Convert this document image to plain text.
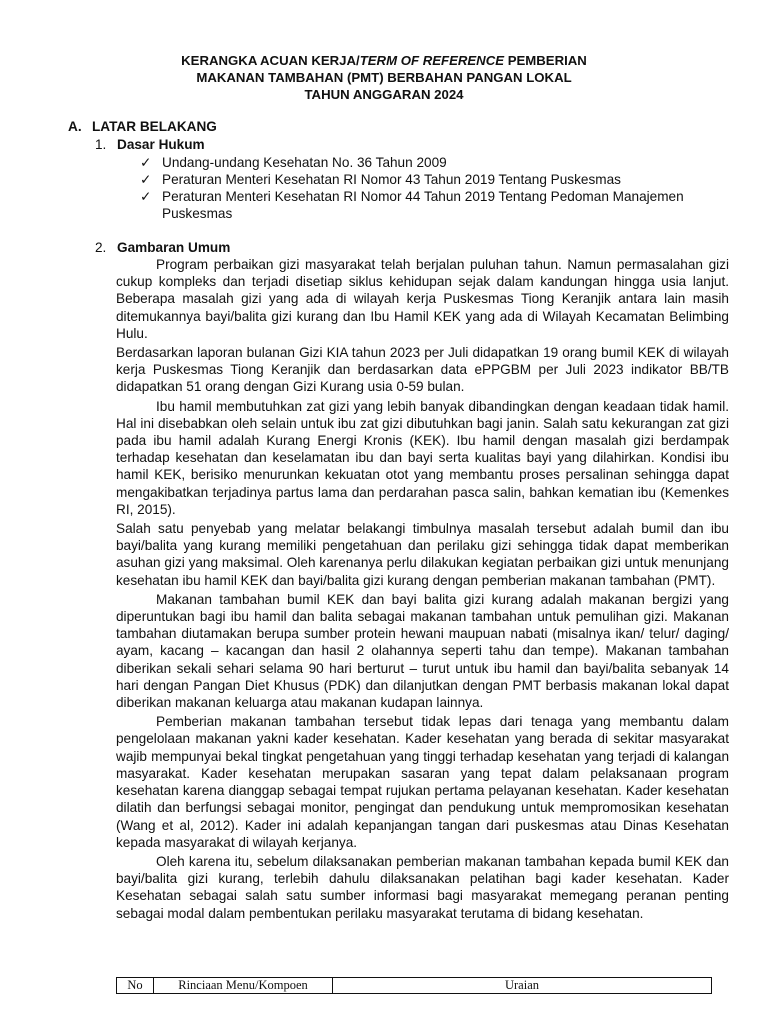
KERANGKA ACUAN KERJA/TERM OF REFERENCE PEMBERIAN
MAKANAN TAMBAHAN (PMT) BERBAHAN PANGAN LOKAL
TAHUN ANGGARAN 2024
A. LATAR BELAKANG
1. Dasar Hukum
✓ Undang-undang Kesehatan No. 36 Tahun 2009
✓ Peraturan Menteri Kesehatan RI Nomor 43 Tahun 2019 Tentang Puskesmas
✓ Peraturan Menteri Kesehatan RI Nomor 44 Tahun 2019 Tentang Pedoman Manajemen Puskesmas
2. Gambaran Umum

Program perbaikan gizi masyarakat telah berjalan puluhan tahun. Namun permasalahan gizi cukup kompleks dan terjadi disetiap siklus kehidupan sejak dalam kandungan hingga usia lanjut. Beberapa masalah gizi yang ada di wilayah kerja Puskesmas Tiong Keranjik antara lain masih ditemukannya bayi/balita gizi kurang dan Ibu Hamil KEK yang ada di Wilayah Kecamatan Belimbing Hulu.

Berdasarkan laporan bulanan Gizi KIA tahun 2023 per Juli didapatkan 19 orang bumil KEK di wilayah kerja Puskesmas Tiong Keranjik dan berdasarkan data ePPGBM per Juli 2023 indikator BB/TB didapatkan 51 orang dengan Gizi Kurang usia 0-59 bulan.

Ibu hamil membutuhkan zat gizi yang lebih banyak dibandingkan dengan keadaan tidak hamil. Hal ini disebabkan oleh selain untuk ibu zat gizi dibutuhkan bagi janin. Salah satu kekurangan zat gizi pada ibu hamil adalah Kurang Energi Kronis (KEK). Ibu hamil dengan masalah gizi berdampak terhadap kesehatan dan keselamatan ibu dan bayi serta kualitas bayi yang dilahirkan. Kondisi ibu hamil KEK, berisiko menurunkan kekuatan otot yang membantu proses persalinan sehingga dapat mengakibatkan terjadinya partus lama dan perdarahan pasca salin, bahkan kematian ibu (Kemenkes RI, 2015).

Salah satu penyebab yang melatar belakangi timbulnya masalah tersebut adalah bumil dan ibu bayi/balita yang kurang memiliki pengetahuan dan perilaku gizi sehingga tidak dapat memberikan asuhan gizi yang maksimal. Oleh karenanya perlu dilakukan kegiatan perbaikan gizi untuk menunjang kesehatan ibu hamil KEK dan bayi/balita gizi kurang dengan pemberian makanan tambahan (PMT).

Makanan tambahan bumil KEK dan bayi balita gizi kurang adalah makanan bergizi yang diperuntukan bagi ibu hamil dan balita sebagai makanan tambahan untuk pemulihan gizi. Makanan tambahan diutamakan berupa sumber protein hewani maupuan nabati (misalnya ikan/ telur/ daging/ ayam, kacang – kacangan dan hasil 2 olahannya seperti tahu dan tempe). Makanan tambahan diberikan sekali sehari selama 90 hari berturut – turut untuk ibu hamil dan bayi/balita sebanyak 14 hari dengan Pangan Diet Khusus (PDK) dan dilanjutkan dengan PMT berbasis makanan lokal dapat diberikan makanan keluarga atau makanan kudapan lainnya.

Pemberian makanan tambahan tersebut tidak lepas dari tenaga yang membantu dalam pengelolaan makanan yakni kader kesehatan. Kader kesehatan yang berada di sekitar masyarakat wajib mempunyai bekal tingkat pengetahuan yang tinggi terhadap kesehatan yang terjadi di kalangan masyarakat. Kader kesehatan merupakan sasaran yang tepat dalam pelaksanaan program kesehatan karena dianggap sebagai tempat rujukan pertama pelayanan kesehatan. Kader kesehatan dilatih dan berfungsi sebagai monitor, pengingat dan pendukung untuk mempromosikan kesehatan (Wang et al, 2012). Kader ini adalah kepanjangan tangan dari puskesmas atau Dinas Kesehatan kepada masyarakat di wilayah kerjanya.

Oleh karena itu, sebelum dilaksanakan pemberian makanan tambahan kepada bumil KEK dan bayi/balita gizi kurang, terlebih dahulu dilaksanakan pelatihan bagi kader kesehatan. Kader Kesehatan sebagai salah satu sumber informasi bagi masyarakat memegang peranan penting sebagai modal dalam pembentukan perilaku masyarakat terutama di bidang kesehatan.

No	Rinciaan Menu/Kompoen	Uraian
